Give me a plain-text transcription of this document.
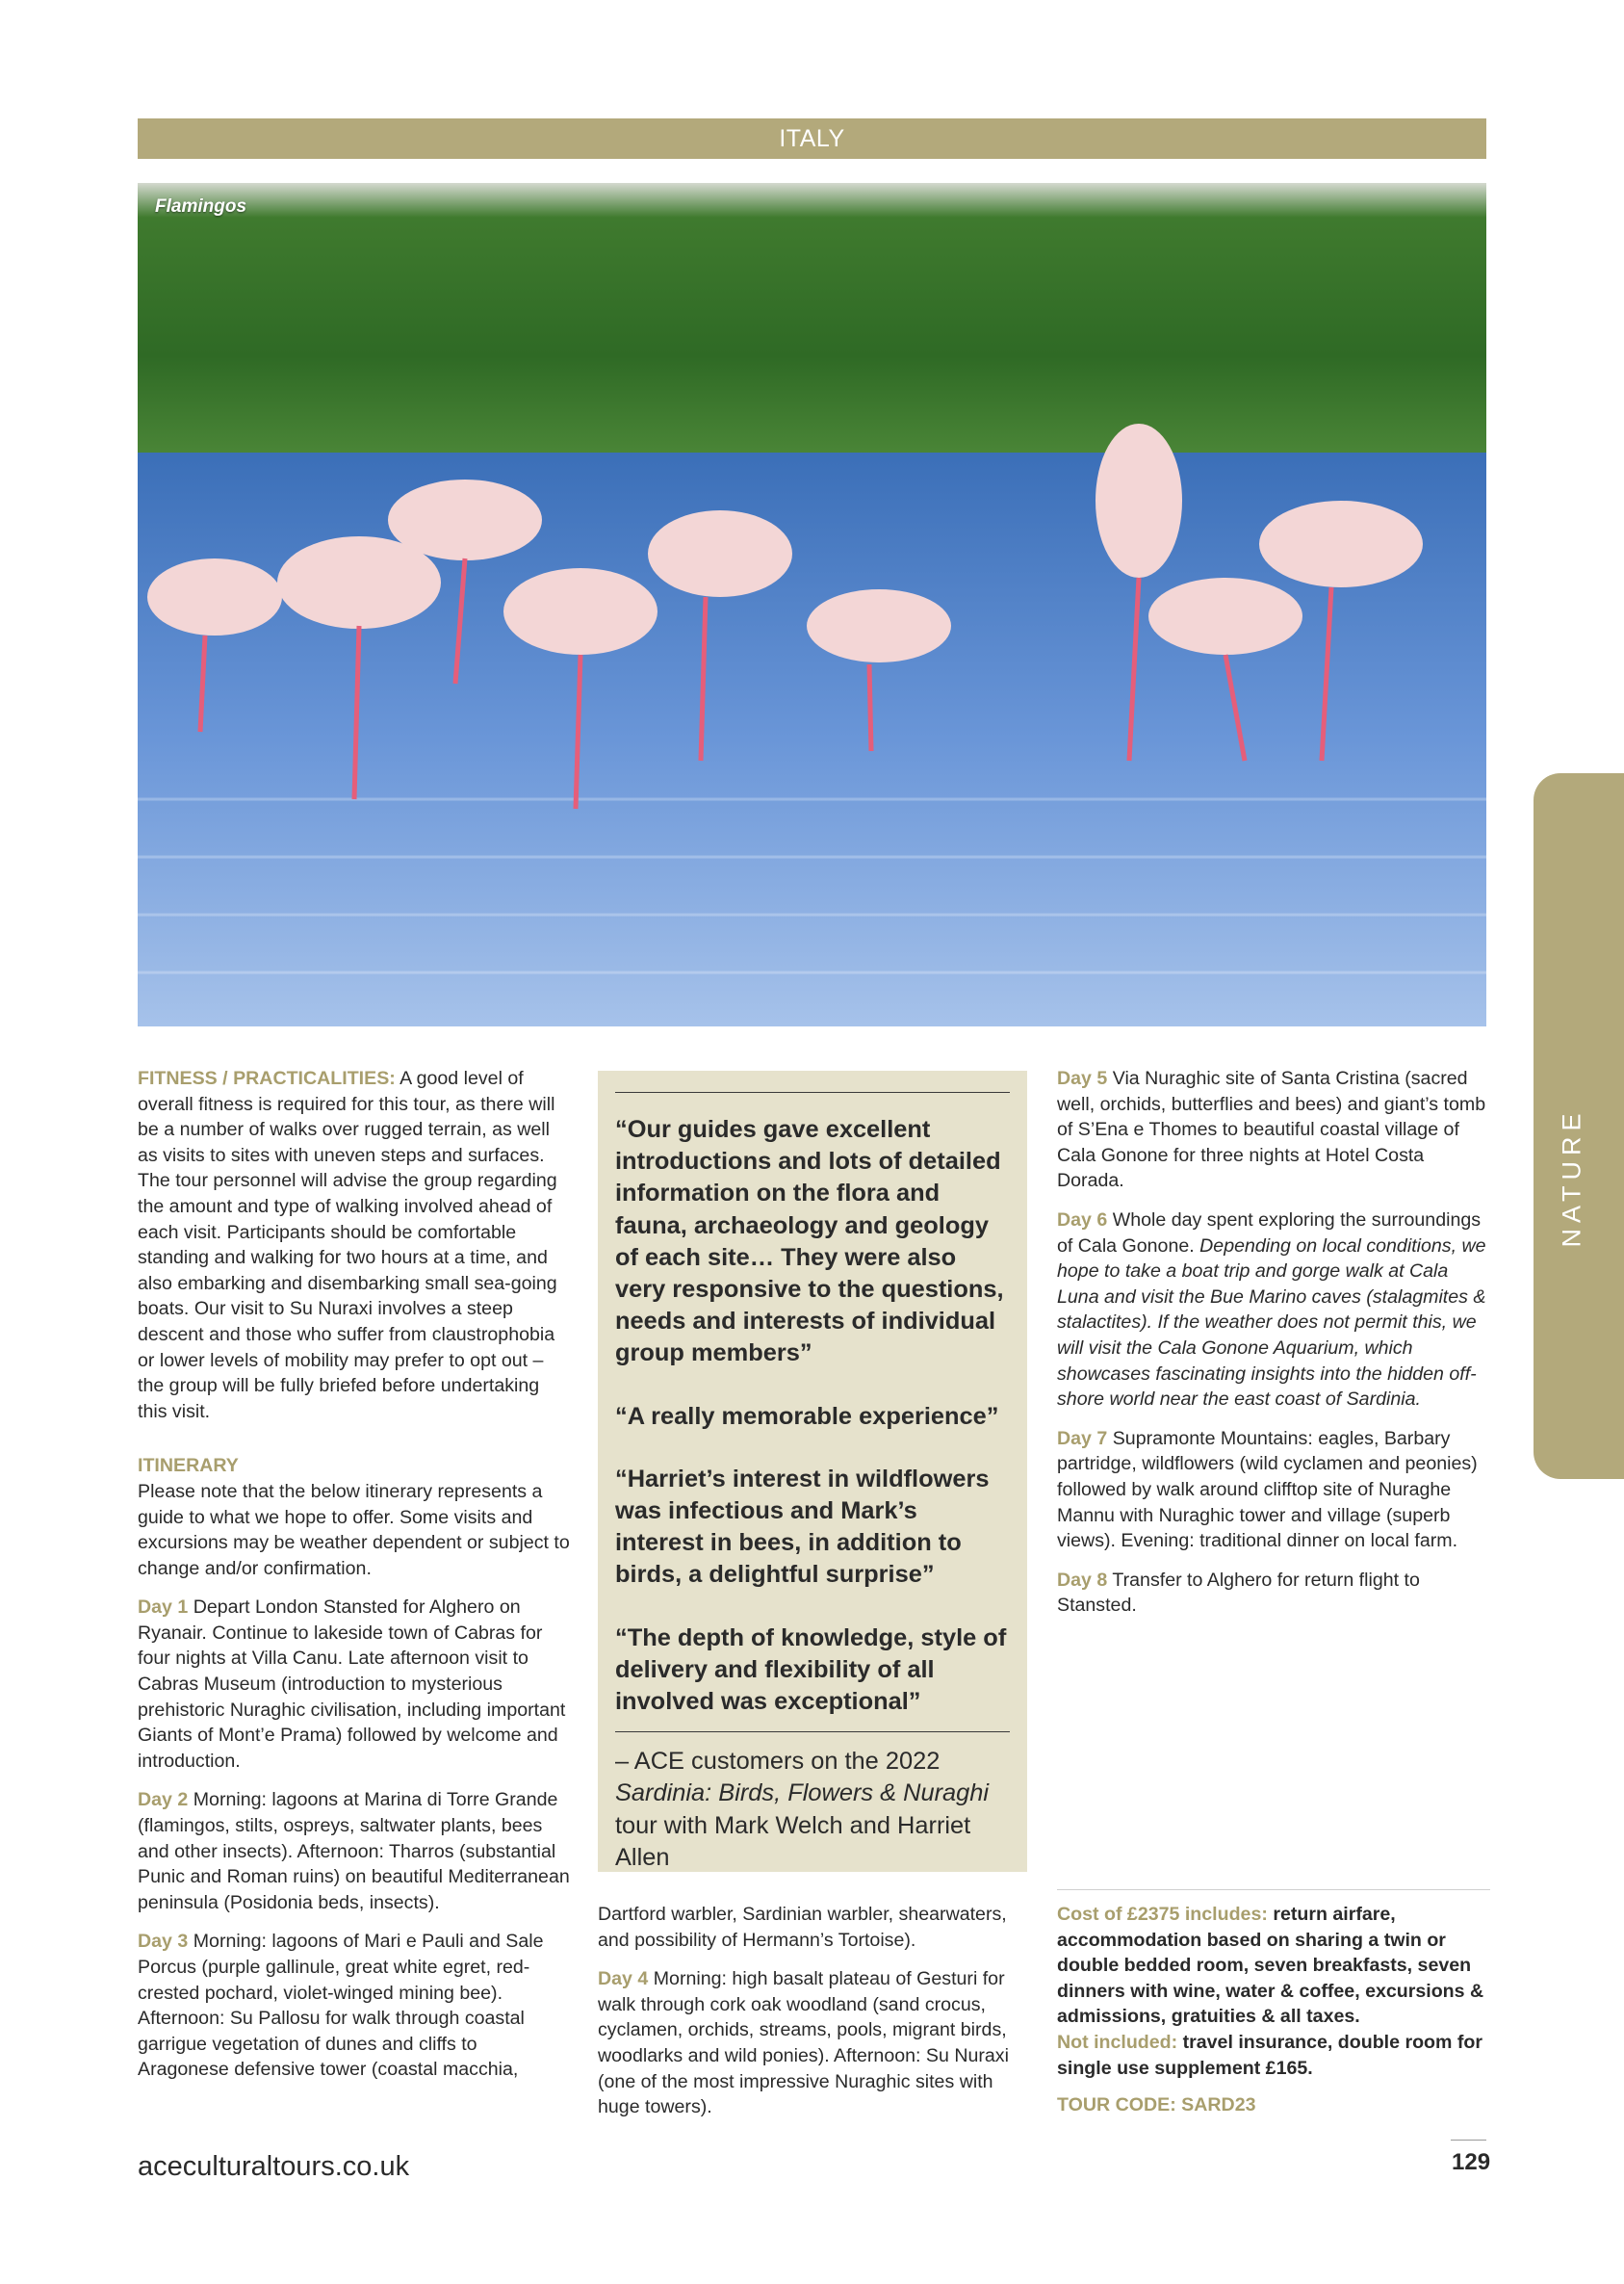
ITALY
Flamingos
NATURE

FITNESS / PRACTICALITIES: A good level of overall fitness is required for this tour, as there will be a number of walks over rugged terrain, as well as visits to sites with uneven steps and surfaces. The tour personnel will advise the group regarding the amount and type of walking involved ahead of each visit. Participants should be comfortable standing and walking for two hours at a time, and also embarking and disembarking small sea-going boats. Our visit to Su Nuraxi involves a steep descent and those who suffer from claustrophobia or lower levels of mobility may prefer to opt out – the group will be fully briefed before undertaking this visit.

ITINERARY

Please note that the below itinerary represents a guide to what we hope to offer. Some visits and excursions may be weather dependent or subject to change and/or confirmation.

Day 1 Depart London Stansted for Alghero on Ryanair. Continue to lakeside town of Cabras for four nights at Villa Canu. Late afternoon visit to Cabras Museum (introduction to mysterious prehistoric Nuraghic civilisation, including important Giants of Mont’e Prama) followed by welcome and introduction.

Day 2 Morning: lagoons at Marina di Torre Grande (flamingos, stilts, ospreys, saltwater plants, bees and other insects). Afternoon: Tharros (substantial Punic and Roman ruins) on beautiful Mediterranean peninsula (Posidonia beds, insects).

Day 3 Morning: lagoons of Mari e Pauli and Sale Porcus (purple gallinule, great white egret, red-crested pochard, violet-winged mining bee). Afternoon: Su Pallosu for walk through coastal garrigue vegetation of dunes and cliffs to Aragonese defensive tower (coastal macchia,

“Our guides gave excellent introductions and lots of detailed information on the flora and fauna, archaeology and geology of each site… They were also very responsive to the questions, needs and interests of individual group members”
“A really memorable experience”
“Harriet’s interest in wildflowers was infectious and Mark’s interest in bees, in addition to birds, a delightful surprise”
“The depth of knowledge, style of delivery and flexibility of all involved was exceptional”
– ACE customers on the 2022 Sardinia: Birds, Flowers & Nuraghi tour with Mark Welch and Harriet Allen

Dartford warbler, Sardinian warbler, shearwaters, and possibility of Hermann’s Tortoise).

Day 4 Morning: high basalt plateau of Gesturi for walk through cork oak woodland (sand crocus, cyclamen, orchids, streams, pools, migrant birds, woodlarks and wild ponies). Afternoon: Su Nuraxi (one of the most impressive Nuraghic sites with huge towers).

Day 5 Via Nuraghic site of Santa Cristina (sacred well, orchids, butterflies and bees) and giant’s tomb of S’Ena e Thomes to beautiful coastal village of Cala Gonone for three nights at Hotel Costa Dorada.

Day 6 Whole day spent exploring the surroundings of Cala Gonone. Depending on local conditions, we hope to take a boat trip and gorge walk at Cala Luna and visit the Bue Marino caves (stalagmites & stalactites). If the weather does not permit this, we will visit the Cala Gonone Aquarium, which showcases fascinating insights into the hidden off-shore world near the east coast of Sardinia.

Day 7 Supramonte Mountains: eagles, Barbary partridge, wildflowers (wild cyclamen and peonies) followed by walk around clifftop site of Nuraghe Mannu with Nuraghic tower and village (superb views). Evening: traditional dinner on local farm.

Day 8 Transfer to Alghero for return flight to Stansted.

Cost of £2375 includes: return airfare, accommodation based on sharing a twin or double bedded room, seven breakfasts, seven dinners with wine, water & coffee, excursions & admissions, gratuities & all taxes.
Not included: travel insurance, double room for single use supplement £165.
TOUR CODE: SARD23
aceculturaltours.co.uk	129
